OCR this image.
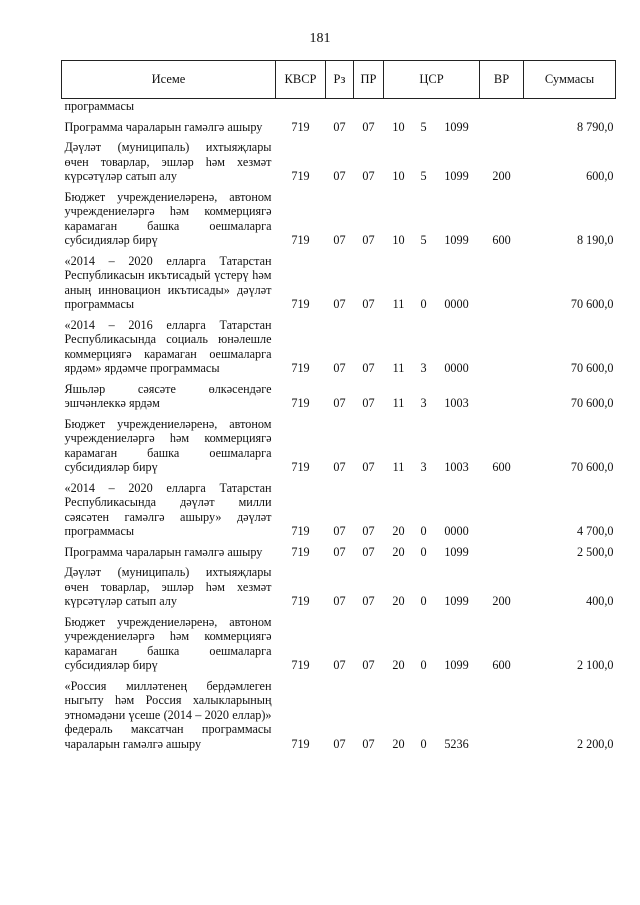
181
Исеме	КВСР	Рз	ПР	ЦСР			ВР	Суммасы
программасы								

Программа чараларын гамәлгә ашыру	719	07	07	10	5	1099		8 790,0

Дәүләт (муниципаль) ихтыяҗлары өчен товарлар, эшләр һәм хезмәт күрсәтүләр сатып алу	719	07	07	10	5	1099	200	600,0

Бюджет учреждениеләренә, автоном учреждениеләргә һәм коммерциягә карамаган башка оешмаларга субсидияләр бирү	719	07	07	10	5	1099	600	8 190,0

«2014 – 2020 елларга Татарстан Республикасын икътисадый үстерү һәм аның инновацион икътисады» дәүләт программасы	719	07	07	11	0	0000		70 600,0

«2014 – 2016 елларга Татарстан Республикасында социаль юнәлешле коммерциягә карамаган оешмаларга ярдәм» ярдәмче программасы	719	07	07	11	3	0000		70 600,0

Яшьләр сәясәте өлкәсендәге эшчәнлеккә ярдәм	719	07	07	11	3	1003		70 600,0

Бюджет учреждениеләренә, автоном учреждениеләргә һәм коммерциягә карамаган башка оешмаларга субсидияләр бирү	719	07	07	11	3	1003	600	70 600,0

«2014 – 2020 елларга Татарстан Республикасында дәүләт милли сәясәтен гамәлгә ашыру» дәүләт программасы	719	07	07	20	0	0000		4 700,0

Программа чараларын гамәлгә ашыру	719	07	07	20	0	1099		2 500,0

Дәүләт (муниципаль) ихтыяҗлары өчен товарлар, эшләр һәм хезмәт күрсәтүләр сатып алу	719	07	07	20	0	1099	200	400,0

Бюджет учреждениеләренә, автоном учреждениеләргә һәм коммерциягә карамаган башка оешмаларга субсидияләр бирү	719	07	07	20	0	1099	600	2 100,0

«Россия милләтенең бердәмлеген ныгыту һәм Россия халыкларының этномәдәни үсеше (2014 – 2020 еллар)» федераль максатчан программасы чараларын гамәлгә ашыру	719	07	07	20	0	5236		2 200,0
